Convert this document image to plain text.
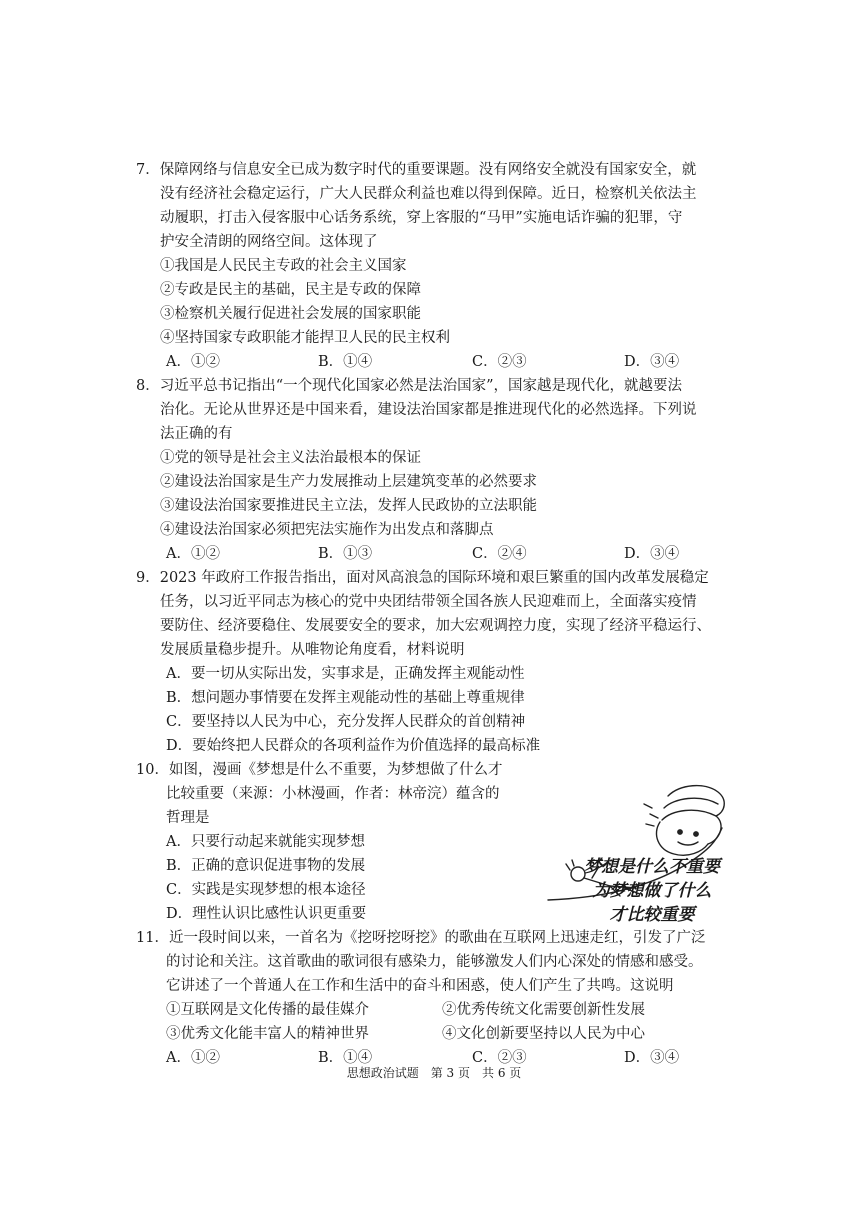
7．保障网络与信息安全已成为数字时代的重要课题。没有网络安全就没有国家安全，就
没有经济社会稳定运行，广大人民群众利益也难以得到保障。近日，检察机关依法主
动履职，打击入侵客服中心话务系统，穿上客服的“马甲”实施电话诈骗的犯罪，守
护安全清朗的网络空间。这体现了
①我国是人民民主专政的社会主义国家
②专政是民主的基础，民主是专政的保障
③检察机关履行促进社会发展的国家职能
④坚持国家专政职能才能捍卫人民的民主权利
A．①②	B．①④	C．②③	D．③④
8．习近平总书记指出“一个现代化国家必然是法治国家”，国家越是现代化，就越要法
治化。无论从世界还是中国来看，建设法治国家都是推进现代化的必然选择。下列说
法正确的有
①党的领导是社会主义法治最根本的保证
②建设法治国家是生产力发展推动上层建筑变革的必然要求
③建设法治国家要推进民主立法，发挥人民政协的立法职能
④建设法治国家必须把宪法实施作为出发点和落脚点
A．①②	B．①③	C．②④	D．③④
9．2023 年政府工作报告指出，面对风高浪急的国际环境和艰巨繁重的国内改革发展稳定
任务，以习近平同志为核心的党中央团结带领全国各族人民迎难而上，全面落实疫情
要防住、经济要稳住、发展要安全的要求，加大宏观调控力度，实现了经济平稳运行、
发展质量稳步提升。从唯物论角度看，材料说明
A．要一切从实际出发，实事求是，正确发挥主观能动性
B．想问题办事情要在发挥主观能动性的基础上尊重规律
C．要坚持以人民为中心，充分发挥人民群众的首创精神
D．要始终把人民群众的各项利益作为价值选择的最高标准
10．如图，漫画《梦想是什么不重要，为梦想做了什么才
比较重要（来源：小林漫画，作者：林帝浣）蕴含的
哲理是
A．只要行动起来就能实现梦想
B．正确的意识促进事物的发展
C．实践是实现梦想的根本途径
D．理性认识比感性认识更重要
梦想是什么不重要
为梦想做了什么
才比较重要
11．近一段时间以来，一首名为《挖呀挖呀挖》的歌曲在互联网上迅速走红，引发了广泛
的讨论和关注。这首歌曲的歌词很有感染力，能够激发人们内心深处的情感和感受。
它讲述了一个普通人在工作和生活中的奋斗和困惑，使人们产生了共鸣。这说明
①互联网是文化传播的最佳媒介	②优秀传统文化需要创新性发展
③优秀文化能丰富人的精神世界	④文化创新要坚持以人民为中心
A．①②	B．①④	C．②③	D．③④
思想政治试题　第 3 页　共 6 页
